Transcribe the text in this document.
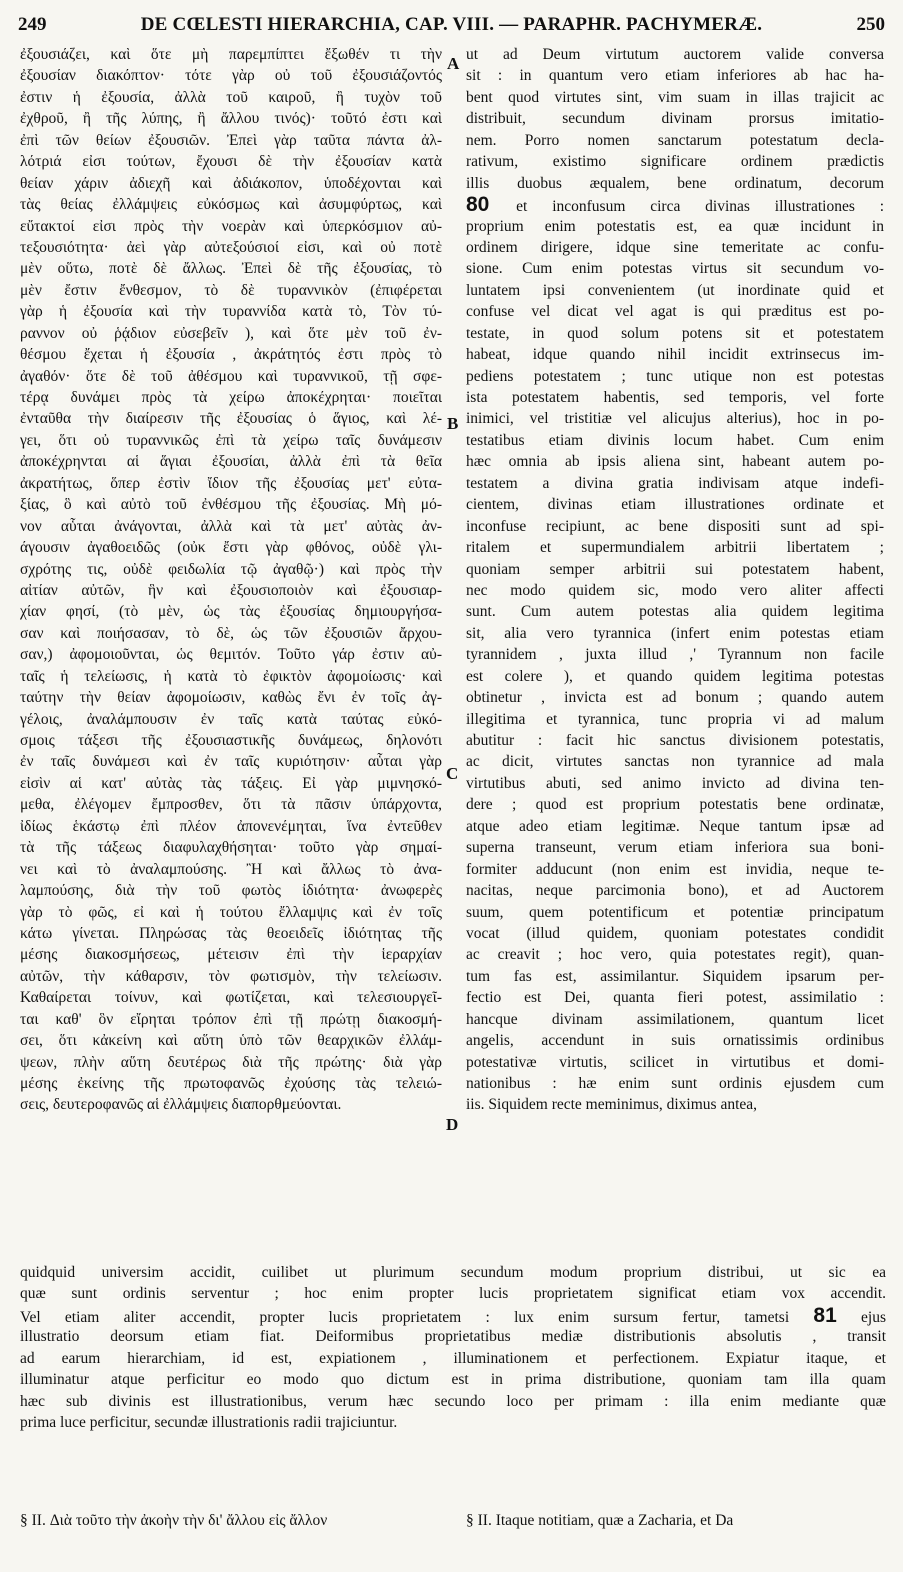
249	DE CŒLESTI HIERARCHIA, CAP. VIII. — PARAPHR. PACHYMERÆ.	250
ἐξουσιάζει, καὶ ὅτε μὴ παρεμπίπτει ἔξωθέν τι τὴν
ἐξουσίαν διακόπτον· τότε γὰρ οὐ τοῦ ἐξουσιάζοντός
ἐστιν ἡ ἐξουσία, ἀλλὰ τοῦ καιροῦ, ἢ τυχὸν τοῦ
ἐχθροῦ, ἢ τῆς λύπης, ἢ ἄλλου τινός)· τοῦτό ἐστι καὶ
ἐπὶ τῶν θείων ἐξουσιῶν. Ἐπεὶ γὰρ ταῦτα πάντα ἀλ-
λότριά εἰσι τούτων, ἔχουσι δὲ τὴν ἐξουσίαν κατὰ
θείαν χάριν ἀδιεχῆ καὶ ἀδιάκοπον, ὑποδέχονται καὶ
τὰς θείας ἐλλάμψεις εὐκόσμως καὶ ἀσυμφύρτως, καὶ
εὔτακτοί εἰσι πρὸς τὴν νοερὰν καὶ ὑπερκόσμιον αὐ-
τεξουσιότητα· ἀεὶ γὰρ αὐτεξούσιοί εἰσι, καὶ οὐ ποτὲ
μὲν οὕτω, ποτὲ δὲ ἄλλως. Ἐπεὶ δὲ τῆς ἐξουσίας, τὸ
μὲν ἔστιν ἔνθεσμον, τὸ δὲ τυραννικὸν (ἐπιφέρεται
γὰρ ἡ ἐξουσία καὶ τὴν τυραννίδα κατὰ τὸ, Τὸν τύ-
ραννον οὐ ῥᾴδιον εὐσεβεῖν ), καὶ ὅτε μὲν τοῦ ἐν-
θέσμου ἔχεται ἡ ἐξουσία , ἀκράτητός ἐστι πρὸς τὸ
ἀγαθόν· ὅτε δὲ τοῦ ἀθέσμου καὶ τυραννικοῦ, τῇ σφε-
τέρᾳ δυνάμει πρὸς τὰ χείρω ἀποκέχρηται· ποιεῖται
ἐνταῦθα τὴν διαίρεσιν τῆς ἐξουσίας ὁ ἅγιος, καὶ λέ-
γει, ὅτι οὐ τυραννικῶς ἐπὶ τὰ χείρω ταῖς δυνάμεσιν
ἀποκέχρηνται αἱ ἅγιαι ἐξουσίαι, ἀλλὰ ἐπὶ τὰ θεῖα
ἀκρατήτως, ὅπερ ἐστὶν ἴδιον τῆς ἐξουσίας μετ' εὐτα-
ξίας, ὃ καὶ αὐτὸ τοῦ ἐνθέσμου τῆς ἐξουσίας. Μὴ μό-
νον αὗται ἀνάγονται, ἀλλὰ καὶ τὰ μετ' αὐτὰς ἀν-
άγουσιν ἀγαθοειδῶς (οὐκ ἔστι γὰρ φθόνος, οὐδὲ γλι-
σχρότης τις, οὐδὲ φειδωλία τῷ ἀγαθῷ·) καὶ πρὸς τὴν
αἰτίαν αὐτῶν, ἣν καὶ ἐξουσιοποιὸν καὶ ἐξουσιαρ-
χίαν φησί, (τὸ μὲν, ὡς τὰς ἐξουσίας δημιουργήσα-
σαν καὶ ποιήσασαν, τὸ δὲ, ὡς τῶν ἐξουσιῶν ἄρχου-
σαν,) ἀφομοιοῦνται, ὡς θεμιτόν. Τοῦτο γάρ ἐστιν αὐ-
ταῖς ἡ τελείωσις, ἡ κατὰ τὸ ἐφικτὸν ἀφομοίωσις· καὶ
ταύτην τὴν θείαν ἀφομοίωσιν, καθὼς ἔνι ἐν τοῖς ἀγ-
γέλοις, ἀναλάμπουσιν ἐν ταῖς κατὰ ταύτας εὐκό-
σμοις τάξεσι τῆς ἐξουσιαστικῆς δυνάμεως, δηλονότι
ἐν ταῖς δυνάμεσι καὶ ἐν ταῖς κυριότησιν· αὗται γὰρ
εἰσὶν αἱ κατ' αὐτὰς τὰς τάξεις. Εἰ γὰρ μιμνησκό-
μεθα, ἐλέγομεν ἔμπροσθεν, ὅτι τὰ πᾶσιν ὑπάρχοντα,
ἰδίως ἑκάστῳ ἐπὶ πλέον ἀπονενέμηται, ἵνα ἐντεῦθεν
τὰ τῆς τάξεως διαφυλαχθήσηται· τοῦτο γὰρ σημαί-
νει καὶ τὸ ἀναλαμπούσης. Ἢ καὶ ἄλλως τὸ ἀνα-
λαμπούσης, διὰ τὴν τοῦ φωτὸς ἰδιότητα· ἀνωφερὲς
γὰρ τὸ φῶς, εἰ καὶ ἡ τούτου ἔλλαμψις καὶ ἐν τοῖς
κάτω γίνεται. Πληρώσας τὰς θεοειδεῖς ἰδιότητας τῆς
μέσης διακοσμήσεως, μέτεισιν ἐπὶ τὴν ἱεραρχίαν
αὐτῶν, τὴν κάθαρσιν, τὸν φωτισμὸν, τὴν τελείωσιν.
Καθαίρεται τοίνυν, καὶ φωτίζεται, καὶ τελεσιουργεῖ-
ται καθ' ὃν εἴρηται τρόπον ἐπὶ τῇ πρώτῃ διακοσμή-
σει, ὅτι κἀκείνη καὶ αὕτη ὑπὸ τῶν θεαρχικῶν ἐλλάμ-
ψεων, πλὴν αὕτη δευτέρως διὰ τῆς πρώτης· διὰ γὰρ
μέσης ἐκείνης τῆς πρωτοφανῶς ἐχούσης τὰς τελειώ-
σεις, δευτεροφανῶς αἱ ἐλλάμψεις διαπορθμεύονται.
ut ad Deum virtutum auctorem valide conversa
sit : in quantum vero etiam inferiores ab hac ha-
bent quod virtutes sint, vim suam in illas trajicit ac
distribuit, secundum divinam prorsus imitatio-
nem. Porro nomen sanctarum potestatum decla-
rativum, existimo significare ordinem prædictis
illis duobus æqualem, bene ordinatum, decorum
80 et inconfusum circa divinas illustrationes :
proprium enim potestatis est, ea quæ incidunt in
ordinem dirigere, idque sine temeritate ac confu-
sione. Cum enim potestas virtus sit secundum vo-
luntatem ipsi convenientem (ut inordinate quid et
confuse vel dicat vel agat is qui præditus est po-
testate, in quod solum potens sit et potestatem
habeat, idque quando nihil incidit extrinsecus im-
pediens potestatem ; tunc utique non est potestas
ista potestatem habentis, sed temporis, vel forte
inimici, vel tristitiæ vel alicujus alterius), hoc in po-
testatibus etiam divinis locum habet. Cum enim
hæc omnia ab ipsis aliena sint, habeant autem po-
testatem a divina gratia indivisam atque indefi-
cientem, divinas etiam illustrationes ordinate et
inconfuse recipiunt, ac bene dispositi sunt ad spi-
ritalem et supermundialem arbitrii libertatem ;
quoniam semper arbitrii sui potestatem habent,
nec modo quidem sic, modo vero aliter affecti
sunt. Cum autem potestas alia quidem legitima
sit, alia vero tyrannica (infert enim potestas etiam
tyrannidem , juxta illud ,' Tyrannum non facile
est colere ), et quando quidem legitima potestas
obtinetur , invicta est ad bonum ; quando autem
illegitima et tyrannica, tunc propria vi ad malum
abutitur : facit hic sanctus divisionem potestatis,
ac dicit, virtutes sanctas non tyrannice ad mala
virtutibus abuti, sed animo invicto ad divina ten-
dere ; quod est proprium potestatis bene ordinatæ,
atque adeo etiam legitimæ. Neque tantum ipsæ ad
superna transeunt, verum etiam inferiora sua boni-
formiter adducunt (non enim est invidia, neque te-
nacitas, neque parcimonia bono), et ad Auctorem
suum, quem potentificum et potentiæ principatum
vocat (illud quidem, quoniam potestates condidit
ac creavit ; hoc vero, quia potestates regit), quan-
tum fas est, assimilantur. Siquidem ipsarum per-
fectio est Dei, quanta fieri potest, assimilatio :
hancque divinam assimilationem, quantum licet
angelis, accendunt in suis ornatissimis ordinibus
potestativæ virtutis, scilicet in virtutibus et domi-
nationibus : hæ enim sunt ordinis ejusdem cum
iis. Siquidem recte meminimus, diximus antea,
A
B
C
D
quidquid universim accidit, cuilibet ut plurimum secundum modum proprium distribui, ut sic ea
quæ sunt ordinis serventur ; hoc enim propter lucis proprietatem significat etiam vox accendit.
Vel etiam aliter accendit, propter lucis proprietatem : lux enim sursum fertur, tametsi 81 ejus
illustratio deorsum etiam fiat. Deiformibus proprietatibus mediæ distributionis absolutis , transit
ad earum hierarchiam, id est, expiationem , illuminationem et perfectionem. Expiatur itaque, et
illuminatur atque perficitur eo modo quo dictum est in prima distributione, quoniam tam illa quam
hæc sub divinis est illustrationibus, verum hæc secundo loco per primam : illa enim mediante quæ
prima luce perficitur, secundæ illustrationis radii trajiciuntur.
§ II. Διὰ τοῦτο τὴν ἀκοὴν τὴν δι' ἄλλου εἰς ἄλλον	§ II. Itaque notitiam, quæ a Zacharia, et Da
